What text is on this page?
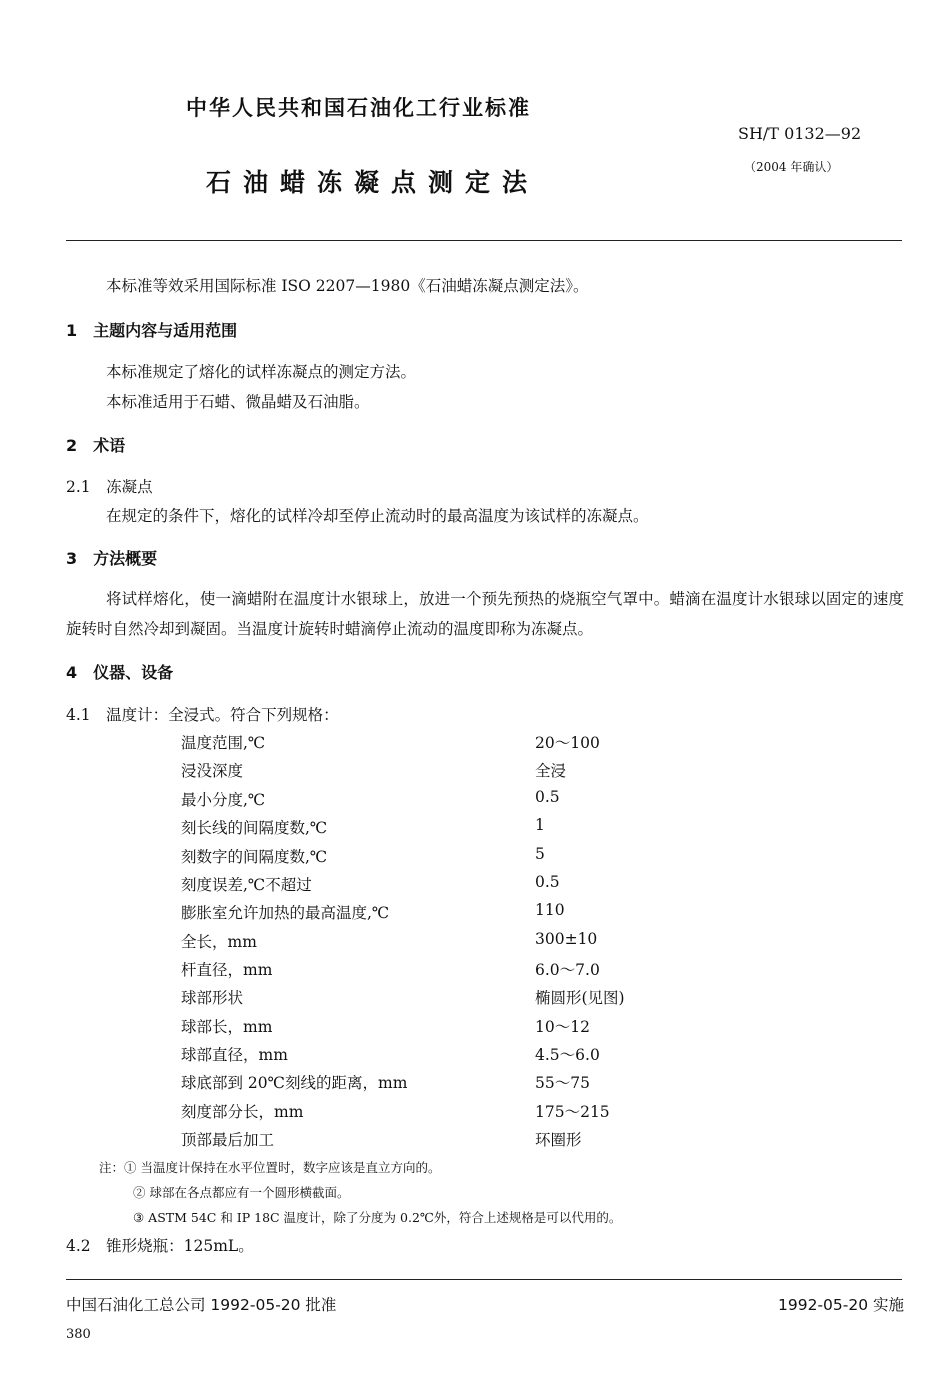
中华人民共和国石油化工行业标准
SH/T 0132—92
石油蜡冻凝点测定法
（2004 年确认）
本标准等效采用国际标准 ISO 2207—1980《石油蜡冻凝点测定法》。
1　主题内容与适用范围
本标准规定了熔化的试样冻凝点的测定方法。
本标准适用于石蜡、微晶蜡及石油脂。
2　术语
2.1　冻凝点
在规定的条件下，熔化的试样冷却至停止流动时的最高温度为该试样的冻凝点。
3　方法概要
将试样熔化，使一滴蜡附在温度计水银球上，放进一个预先预热的烧瓶空气罩中。蜡滴在温度计水银球以固定的速度旋转时自然冷却到凝固。当温度计旋转时蜡滴停止流动的温度即称为冻凝点。
4　仪器、设备
4.1　温度计：全浸式。符合下列规格：
温度范围,℃	20～100
浸没深度	全浸
最小分度,℃	0.5
刻长线的间隔度数,℃	1
刻数字的间隔度数,℃	5
刻度误差,℃不超过	0.5
膨胀室允许加热的最高温度,℃	110
全长，mm	300±10
杆直径，mm	6.0～7.0
球部形状	椭圆形(见图)
球部长，mm	10～12
球部直径，mm	4.5～6.0
球底部到 20℃刻线的距离，mm	55～75
刻度部分长，mm	175～215
顶部最后加工	环圈形
注：① 当温度计保持在水平位置时，数字应该是直立方向的。
② 球部在各点都应有一个圆形横截面。
③ ASTM 54C 和 IP 18C 温度计，除了分度为 0.2℃外，符合上述规格是可以代用的。
4.2　锥形烧瓶：125mL。
中国石油化工总公司 1992-05-20 批准	1992-05-20 实施
380
